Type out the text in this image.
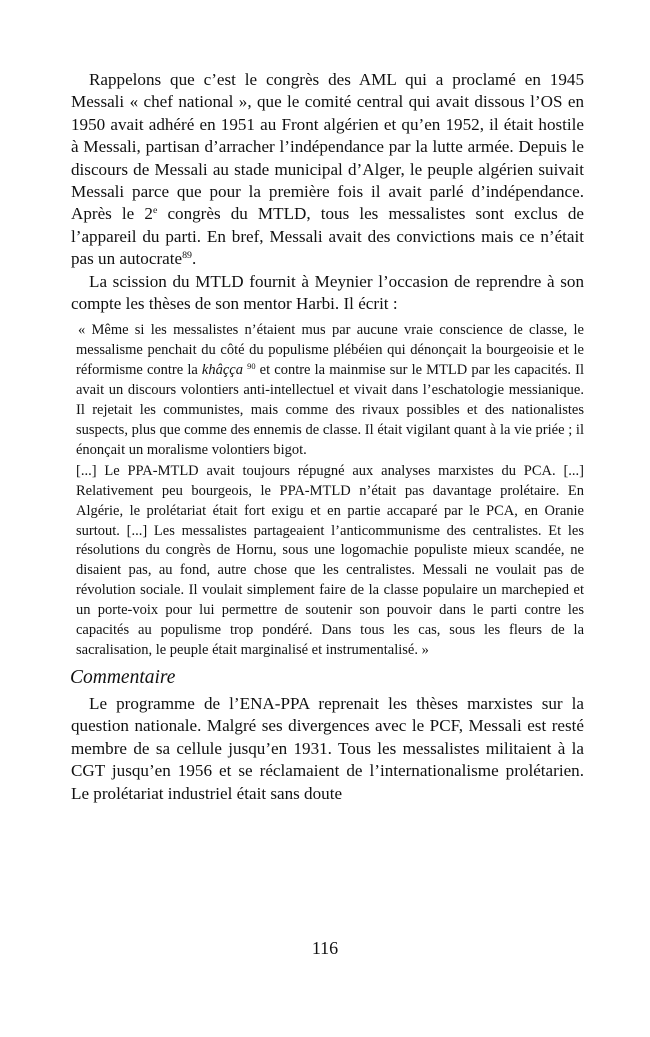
Rappelons que c’est le congrès des AML qui a proclamé en 1945 Messali « chef national », que le comité central qui avait dissous l’OS en 1950 avait adhéré en 1951 au Front algérien et qu’en 1952, il était hostile à Messali, partisan d’arracher l’indépendance par la lutte armée. Depuis le discours de Messali au stade municipal d’Alger, le peuple algérien suivait Messali parce que pour la première fois il avait parlé d’indépendance. Après le 2e congrès du MTLD, tous les messalistes sont exclus de l’appareil du parti. En bref, Messali avait des convictions mais ce n’était pas un autocrate$^{89}$.

La scission du MTLD fournit à Meynier l’occasion de reprendre à son compte les thèses de son mentor Harbi. Il écrit :

« Même si les messalistes n’étaient mus par aucune vraie conscience de classe, le messalisme penchait du côté du populisme plébéien qui dénonçait la bourgeoisie et le réformisme contre la khâçça $^{90}$ et contre la mainmise sur le MTLD par les capacités. Il avait un discours volontiers anti-intellectuel et vivait dans l’eschatologie messianique. Il rejetait les communistes, mais comme des rivaux possibles et des nationalistes suspects, plus que comme des ennemis de classe. Il était vigilant quant à la vie priée ; il énonçait un moralisme volontiers bigot.

[...] Le PPA-MTLD avait toujours répugné aux analyses marxistes du PCA. [...] Relativement peu bourgeois, le PPA-MTLD n’était pas davantage prolétaire. En Algérie, le prolétariat était fort exigu et en partie accaparé par le PCA, en Oranie surtout. [...] Les messalistes partageaient l’anticommunisme des centralistes. Et les résolutions du congrès de Hornu, sous une logomachie populiste mieux scandée, ne disaient pas, au fond, autre chose que les centralistes. Messali ne voulait pas de révolution sociale. Il voulait simplement faire de la classe populaire un marchepied et un porte-voix pour lui permettre de soutenir son pouvoir dans le parti contre les capacités au populisme trop pondéré. Dans tous les cas, sous les fleurs de la sacralisation, le peuple était marginalisé et instrumentalisé. »

Commentaire

Le programme de l’ENA-PPA reprenait les thèses marxistes sur la question nationale. Malgré ses divergences avec le PCF, Messali est resté membre de sa cellule jusqu’en 1931. Tous les messalistes militaient à la CGT jusqu’en 1956 et se réclamaient de l’internationalisme prolétarien. Le prolétariat industriel était sans doute

116
